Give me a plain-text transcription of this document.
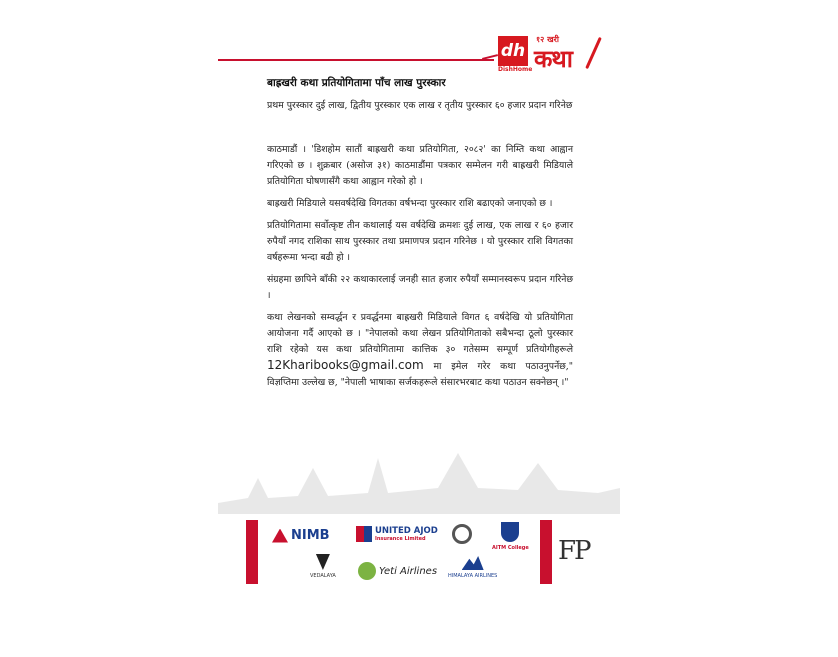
dh
DishHome
१२ खरी
कथा
बाह्रखरी कथा प्रतियोगितामा पाँच लाख पुरस्कार
प्रथम पुरस्कार दुई लाख, द्वितीय पुरस्कार एक लाख र तृतीय पुरस्कार ६० हजार प्रदान गरिनेछ

काठमाडौं । 'डिशहोम सातौं बाह्रखरी कथा प्रतियोगिता, २०८२' का निम्ति कथा आह्वान गरिएको छ । शुक्रबार (असोज ३१) काठमाडौंमा पत्रकार सम्मेलन गरी बाह्रखरी मिडियाले प्रतियोगिता घोषणासँगै कथा आह्वान गरेको हो ।

बाह्रखरी मिडियाले यसवर्षदेखि विगतका वर्षभन्दा पुरस्कार राशि बढाएको जनाएको छ ।

प्रतियोगितामा सर्वोत्कृष्ट तीन कथालाई यस वर्षदेखि क्रमशः दुई लाख, एक लाख र ६० हजार रुपैयाँ नगद राशिका साथ पुरस्कार तथा प्रमाणपत्र प्रदान गरिनेछ । यो पुरस्कार राशि विगतका वर्षहरूमा भन्दा बढी हो ।

संग्रहमा छापिने बाँकी २२ कथाकारलाई जनही सात हजार रुपैयाँ सम्मानस्वरूप प्रदान गरिनेछ ।

कथा लेखनको सम्वर्द्धन र प्रवर्द्धनमा बाह्रखरी मिडियाले विगत ६ वर्षदेखि यो प्रतियोगिता आयोजना गर्दै आएको छ । "नेपालको कथा लेखन प्रतियोगिताको सबैभन्दा ठूलो पुरस्कार राशि रहेको यस कथा प्रतियोगितामा कात्तिक ३० गतेसम्म सम्पूर्ण प्रतियोगीहरूले 12Kharibooks@gmail.com मा इमेल गरेर कथा पठाउनुपर्नेछ," विज्ञप्तिमा उल्लेख छ, "नेपाली भाषाका सर्जकहरूले संसारभरबाट कथा पठाउन सक्नेछन् ।"

NIMB	UNITED AJOD
Insurance Limited
AITM College
VEDALAYA	Yeti Airlines HIMALAYA AIRLINES
FP
